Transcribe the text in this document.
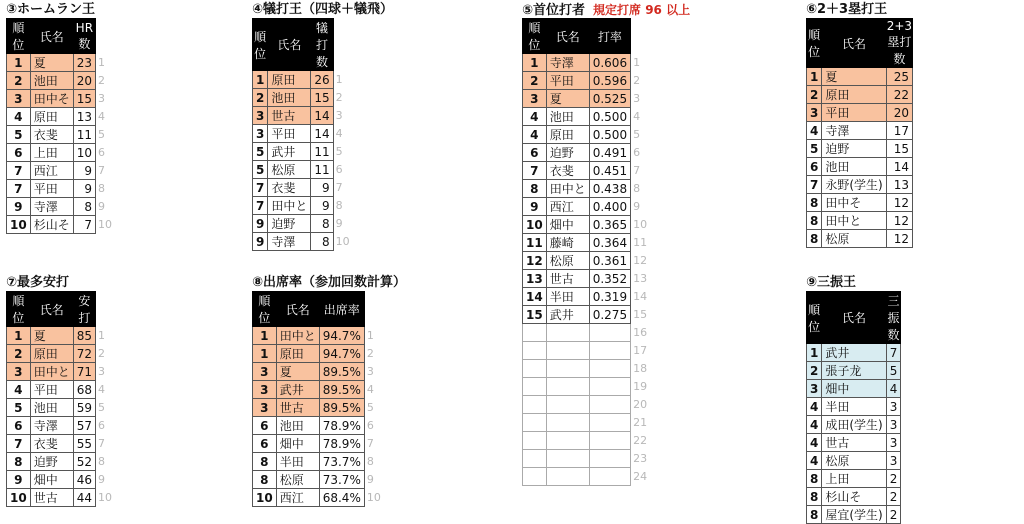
③ホームラン王
順位	氏名	HR数	
1	夏	23	1
2	池田	20	2
3	田中そ	15	3
4	原田	13	4
5	衣斐	11	5
6	上田	10	6
7	西江	9	7
7	平田	9	8
9	寺澤	8	9
10	杉山そ	7	10
④犠打王（四球＋犠飛）
順位	氏名	犠打数	
1	原田	26	1
2	池田	15	2
3	世古	14	3
3	平田	14	4
5	武井	11	5
5	松原	11	6
7	衣斐	9	7
7	田中と	9	8
9	迫野	8	9
9	寺澤	8	10
⑤首位打者 規定打席 96 以上
順位	氏名	打率	
1	寺澤	0.606	1
2	平田	0.596	2
3	夏	0.525	3
4	池田	0.500	4
4	原田	0.500	5
6	迫野	0.491	6
7	衣斐	0.451	7
8	田中と	0.438	8
9	西江	0.400	9
10	畑中	0.365	10
11	藤崎	0.364	11
12	松原	0.361	12
13	世古	0.352	13
14	半田	0.319	14
15	武井	0.275	15
			16
			17
			18
			19
			20
			21
			22
			23
			24
⑥2＋3塁打王
順位	氏名	2+3塁打数
1	夏	25
2	原田	22
3	平田	20
4	寺澤	17
5	迫野	15
6	池田	14
7	永野(学生)	13
8	田中そ	12
8	田中と	12
8	松原	12
⑦最多安打
順位	氏名	安打	
1	夏	85	1
2	原田	72	2
3	田中と	71	3
4	平田	68	4
5	池田	59	5
6	寺澤	57	6
7	衣斐	55	7
8	迫野	52	8
9	畑中	46	9
10	世古	44	10
⑧出席率（参加回数計算）
順位	氏名	出席率	
1	田中と	94.7%	1
1	原田	94.7%	2
3	夏	89.5%	3
3	武井	89.5%	4
3	世古	89.5%	5
6	池田	78.9%	6
6	畑中	78.9%	7
8	半田	73.7%	8
8	松原	73.7%	9
10	西江	68.4%	10
⑨三振王
順位	氏名	三振数
1	武井	7
2	張子龙	5
3	畑中	4
4	半田	3
4	成田(学生)	3
4	世古	3
4	松原	3
8	上田	2
8	杉山そ	2
8	屋宜(学生)	2
